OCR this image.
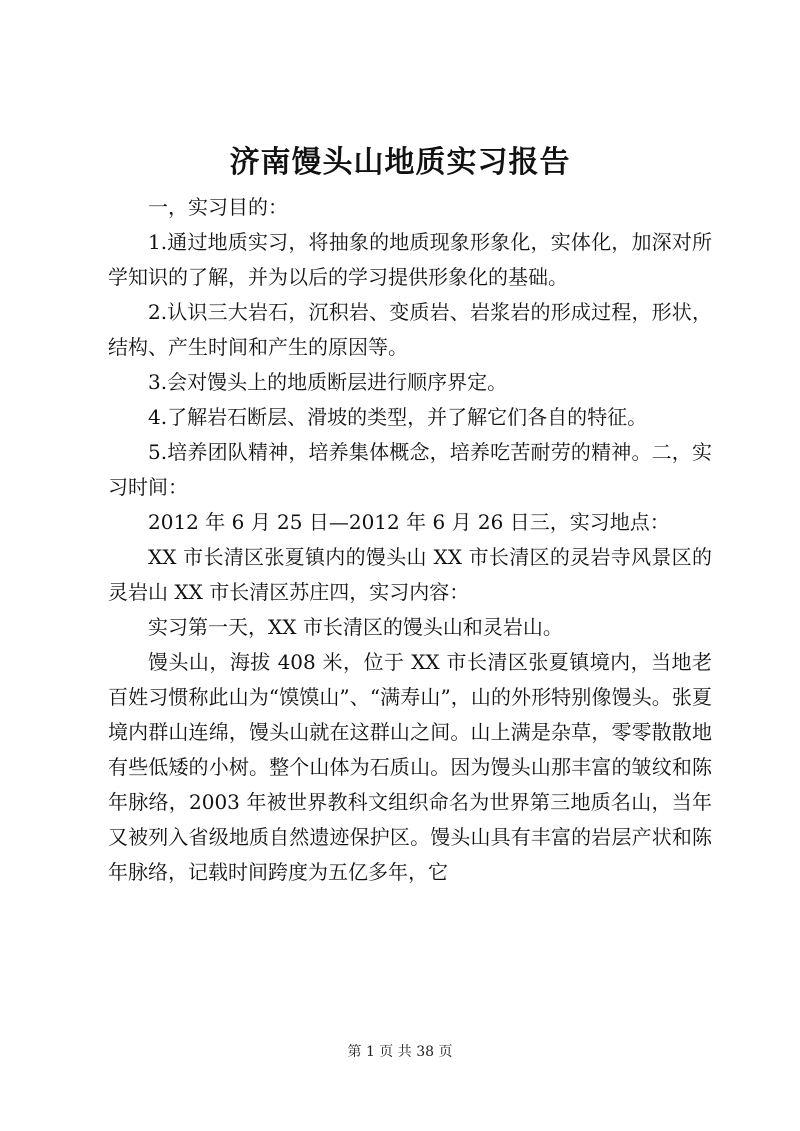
济南馒头山地质实习报告

一，实习目的：

1.通过地质实习，将抽象的地质现象形象化，实体化，加深对所学知识的了解，并为以后的学习提供形象化的基础。

2.认识三大岩石，沉积岩、变质岩、岩浆岩的形成过程，形状，结构、产生时间和产生的原因等。

3.会对馒头上的地质断层进行顺序界定。

4.了解岩石断层、滑坡的类型，并了解它们各自的特征。

5.培养团队精神，培养集体概念，培养吃苦耐劳的精神。二，实习时间：

2012 年 6 月 25 日—2012 年 6 月 26 日三，实习地点：

XX 市长清区张夏镇内的馒头山 XX 市长清区的灵岩寺风景区的灵岩山 XX 市长清区苏庄四，实习内容：

实习第一天，XX 市长清区的馒头山和灵岩山。

馒头山，海拔 408 米，位于 XX 市长清区张夏镇境内，当地老百姓习惯称此山为“馍馍山”、“满寿山”，山的外形特别像馒头。张夏境内群山连绵，馒头山就在这群山之间。山上满是杂草，零零散散地有些低矮的小树。整个山体为石质山。因为馒头山那丰富的皱纹和陈年脉络，2003 年被世界教科文组织命名为世界第三地质名山，当年又被列入省级地质自然遗迹保护区。馒头山具有丰富的岩层产状和陈年脉络，记载时间跨度为五亿多年，它

第 1 页 共 38 页
